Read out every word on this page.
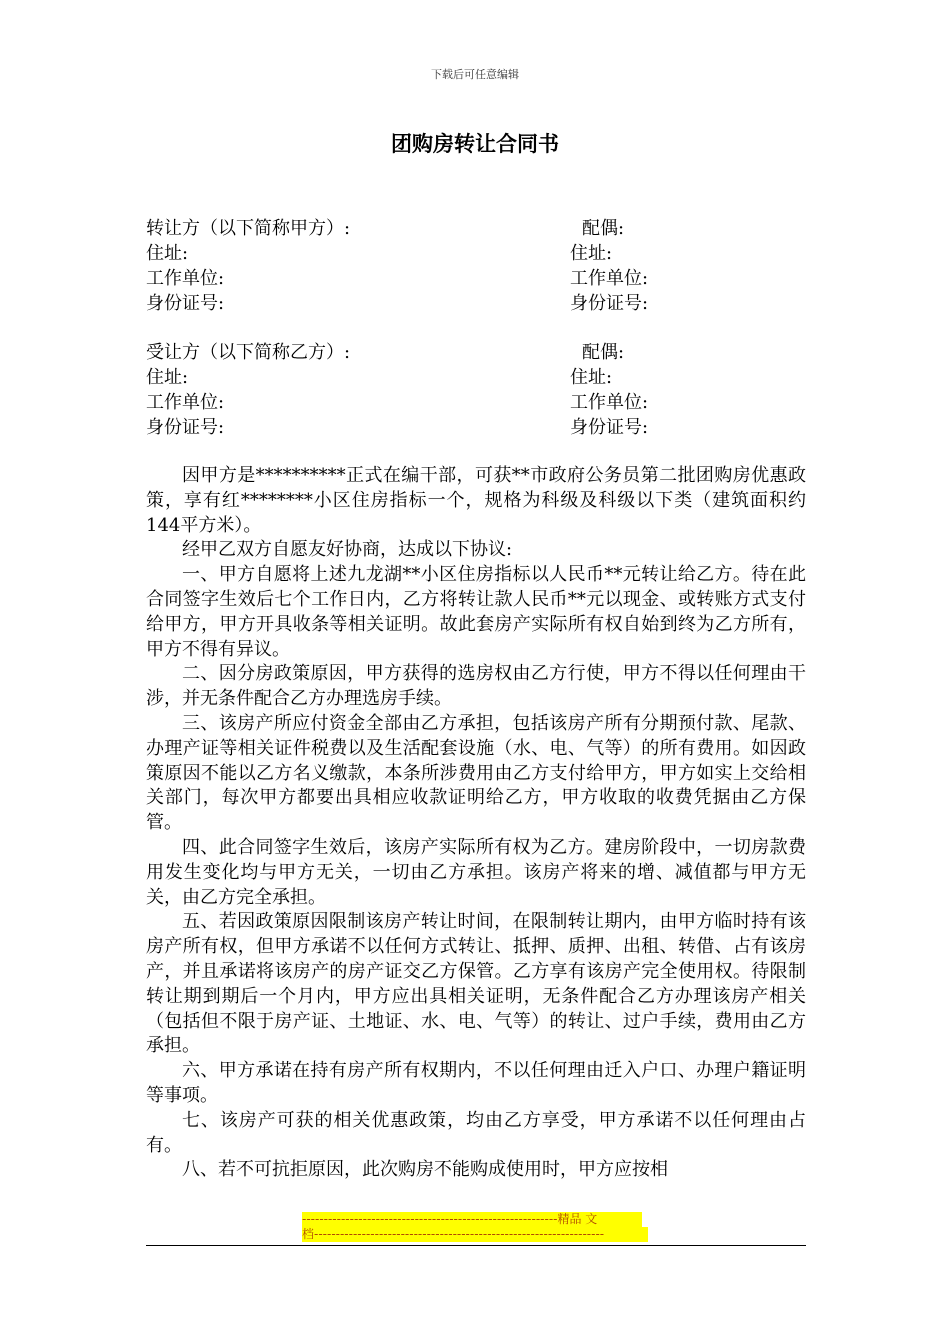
下载后可任意编辑
团购房转让合同书
转让方（以下简称甲方）:	配偶:
住址:	住址:
工作单位:	工作单位:
身份证号:	身份证号:
受让方（以下简称乙方）:	配偶:
住址:	住址:
工作单位:	工作单位:
身份证号:	身份证号:

因甲方是**********正式在编干部，可获**市政府公务员第二批团购房优惠政策，享有红********小区住房指标一个，规格为科级及科级以下类（建筑面积约144平方米）。

经甲乙双方自愿友好协商，达成以下协议:

一、甲方自愿将上述九龙湖**小区住房指标以人民币**元转让给乙方。待在此合同签字生效后七个工作日内，乙方将转让款人民币**元以现金、或转账方式支付给甲方，甲方开具收条等相关证明。故此套房产实际所有权自始到终为乙方所有，甲方不得有异议。

二、因分房政策原因，甲方获得的选房权由乙方行使，甲方不得以任何理由干涉，并无条件配合乙方办理选房手续。

三、该房产所应付资金全部由乙方承担，包括该房产所有分期预付款、尾款、办理产证等相关证件税费以及生活配套设施（水、电、气等）的所有费用。如因政策原因不能以乙方名义缴款，本条所涉费用由乙方支付给甲方，甲方如实上交给相关部门，每次甲方都要出具相应收款证明给乙方，甲方收取的收费凭据由乙方保管。

四、此合同签字生效后，该房产实际所有权为乙方。建房阶段中，一切房款费用发生变化均与甲方无关，一切由乙方承担。该房产将来的增、减值都与甲方无关，由乙方完全承担。

五、若因政策原因限制该房产转让时间，在限制转让期内，由甲方临时持有该房产所有权，但甲方承诺不以任何方式转让、抵押、质押、出租、转借、占有该房产，并且承诺将该房产的房产证交乙方保管。乙方享有该房产完全使用权。待限制转让期到期后一个月内，甲方应出具相关证明，无条件配合乙方办理该房产相关（包括但不限于房产证、土地证、水、电、气等）的转让、过户手续，费用由乙方承担。

六、甲方承诺在持有房产所有权期内，不以任何理由迁入户口、办理户籍证明等事项。

七、该房产可获的相关优惠政策，均由乙方享受，甲方承诺不以任何理由占有。

八、若不可抗拒原因，此次购房不能购成使用时，甲方应按相

-----------------------------------------------------------精品 文
档-------------------------------------------------------------------
